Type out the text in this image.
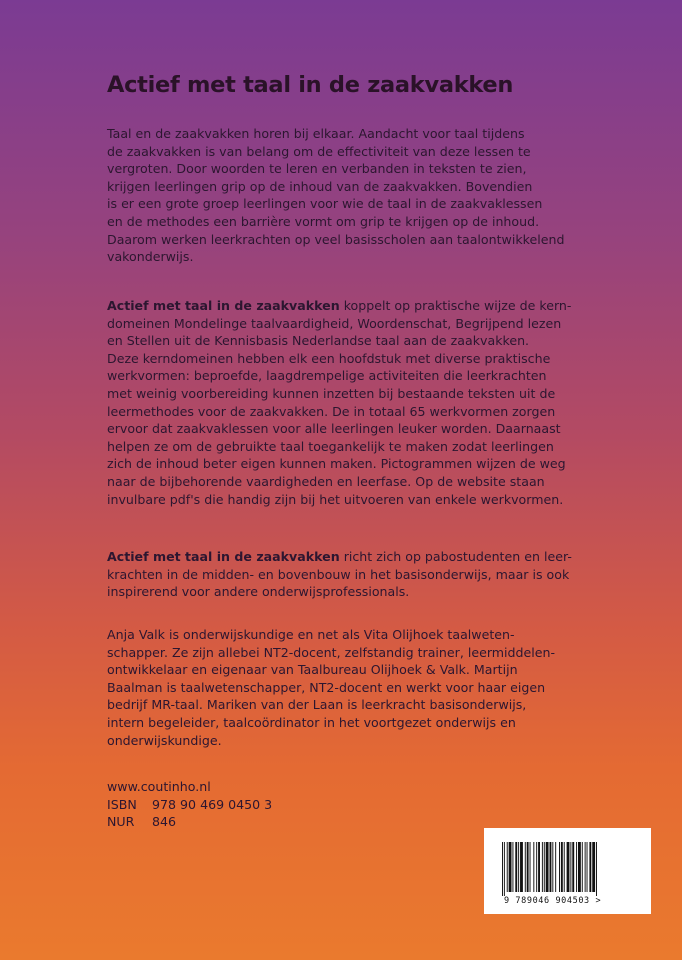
Actief met taal in de zaakvakken
Taal en de zaakvakken horen bij elkaar. Aandacht voor taal tijdens
de zaakvakken is van belang om de effectiviteit van deze lessen te
vergroten. Door woorden te leren en verbanden in teksten te zien,
krijgen leerlingen grip op de inhoud van de zaakvakken. Bovendien
is er een grote groep leerlingen voor wie de taal in de zaakvaklessen
en de methodes een barrière vormt om grip te krijgen op de inhoud.
Daarom werken leerkrachten op veel basisscholen aan taalontwikkelend
vakonderwijs.
Actief met taal in de zaakvakken koppelt op praktische wijze de kern-
domeinen Mondelinge taalvaardigheid, Woordenschat, Begrijpend lezen
en Stellen uit de Kennisbasis Nederlandse taal aan de zaakvakken.
Deze kerndomeinen hebben elk een hoofdstuk met diverse praktische
werkvormen: beproefde, laagdrempelige activiteiten die leerkrachten
met weinig voorbereiding kunnen inzetten bij bestaande teksten uit de
leermethodes voor de zaakvakken. De in totaal 65 werkvormen zorgen
ervoor dat zaakvaklessen voor alle leerlingen leuker worden. Daarnaast
helpen ze om de gebruikte taal toegankelijk te maken zodat leerlingen
zich de inhoud beter eigen kunnen maken. Pictogrammen wijzen de weg
naar de bijbehorende vaardigheden en leerfase. Op de website staan
invulbare pdf's die handig zijn bij het uitvoeren van enkele werkvormen.
Actief met taal in de zaakvakken richt zich op pabostudenten en leer-
krachten in de midden- en bovenbouw in het basisonderwijs, maar is ook
inspirerend voor andere onderwijsprofessionals.
Anja Valk is onderwijskundige en net als Vita Olijhoek taalweten-
schapper. Ze zijn allebei NT2-docent, zelfstandig trainer, leermiddelen-
ontwikkelaar en eigenaar van Taalbureau Olijhoek & Valk. Martijn
Baalman is taalwetenschapper, NT2-docent en werkt voor haar eigen
bedrijf MR-taal. Mariken van der Laan is leerkracht basisonderwijs,
intern begeleider, taalcoördinator in het voortgezet onderwijs en
onderwijskundige.
www.coutinho.nl
ISBN 978 90 469 0450 3
NUR 846
9 789046 904503 >
